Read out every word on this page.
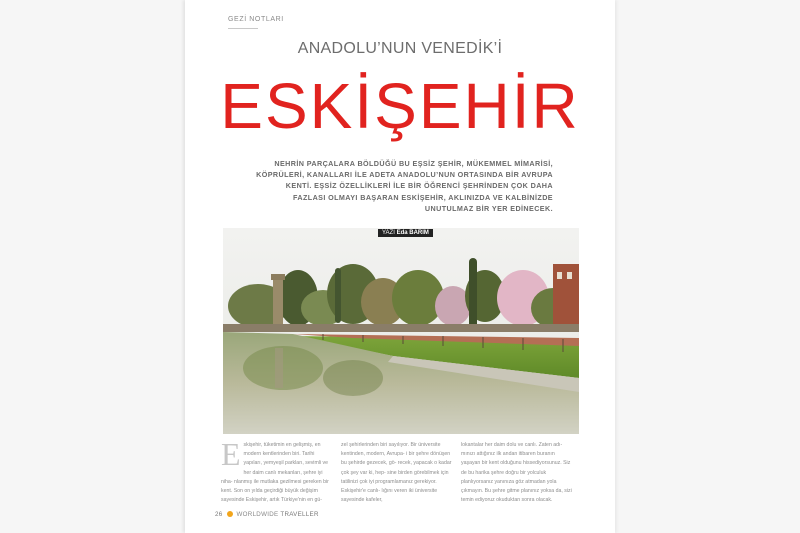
GEZİ NOTLARI
ANADOLU’NUN VENEDİK’İ
ESKİŞEHİR
NEHRİN PARÇALARA BÖLDÜĞÜ BU EŞSİZ ŞEHİR, MÜKEMMEL MİMARİSİ, KÖPRÜLERİ, KANALLARI İLE ADETA ANADOLU’NUN ORTASINDA BİR AVRUPA KENTİ. EŞSİZ ÖZELLİKLERİ İLE BİR ÖĞRENCİ ŞEHRİNDEN ÇOK DAHA FAZLASI OLMAYI BAŞARAN ESKİŞEHİR, AKLINIZDA VE KALBİNİZDE UNUTULMAZ BİR YER EDİNECEK.
YAZI Eda BARIM
E skişehir, tüketimin en gelişmiş, en modern kentlerinden biri. Tarihi yapıları, yemyeşil parkları, sevimli ve her daim canlı mekanları, şehre iyi niha- nlanmış ile mutlaka gezilmesi gereken bir kent. Son on yılda geçirdiği büyük değişim sayesinde Eskişehir, artık Türkiye'nin en gü-
zel şehirlerinden biri sayılıyor. Bir üniversite kentinden, modern, Avrupa- i bir şehre dönüşen bu şehirde gezecek, gö- recek, yapacak o kadar çok şey var ki, hep- sine birden görebilmek için tatilinizi çok iyi programlamanız gerekiyor. Eskişehir'e canlı- lığını veren iki üniversite sayesinde kafeler,
lokantalar her daim dolu ve canlı. Zaten adı- mınızı attığınız ilk andan itibaren buranın yaşayan bir kent olduğunu hissediyorsunuz. Siz de bu harika şehre doğru bir yolculuk planlıyorsanız yanınıza göz atmadan yola çıkmayın. Bu şehre gitme planınız yoksa da, sizi temin ediyoruz okuduktan sonra olacak.
26 WORLDWIDE TRAVELLER
